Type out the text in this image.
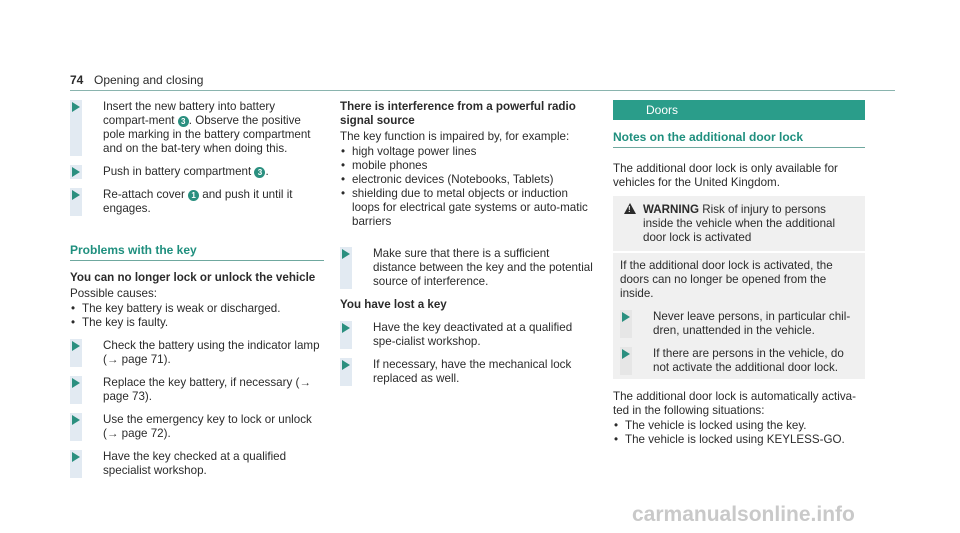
74 Opening and closing
Insert the new battery into battery compart-ment 3 . Observe the positive pole marking in the battery compartment and on the bat-tery when doing this.
Push in battery compartment 3 .
Re-attach cover 1 and push it until it engages.
Problems with the key
You can no longer lock or unlock the vehicle
Possible causes:
• The key battery is weak or discharged.
• The key is faulty.
Check the battery using the indicator lamp (→ page 71).
Replace the key battery, if necessary (→ page 73).
Use the emergency key to lock or unlock (→ page 72).
Have the key checked at a qualified specialist workshop.
There is interference from a powerful radio signal source
The key function is impaired by, for example:
• high voltage power lines
• mobile phones
• electronic devices (Notebooks, Tablets)
• shielding due to metal objects or induction loops for electrical gate systems or auto-matic barriers
Make sure that there is a sufficient distance between the key and the potential source of interference.
You have lost a key
Have the key deactivated at a qualified spe-cialist workshop.
If necessary, have the mechanical lock replaced as well.
Doors
Notes on the additional door lock
The additional door lock is only available for vehicles for the United Kingdom.
! WARNING Risk of injury to persons inside the vehicle when the additional door lock is activated
If the additional door lock is activated, the doors can no longer be opened from the inside.
Never leave persons, in particular chil-dren, unattended in the vehicle.
If there are persons in the vehicle, do not activate the additional door lock.
The additional door lock is automatically activa-ted in the following situations:
• The vehicle is locked using the key.
• The vehicle is locked using KEYLESS-GO.
carmanualsonline.info
